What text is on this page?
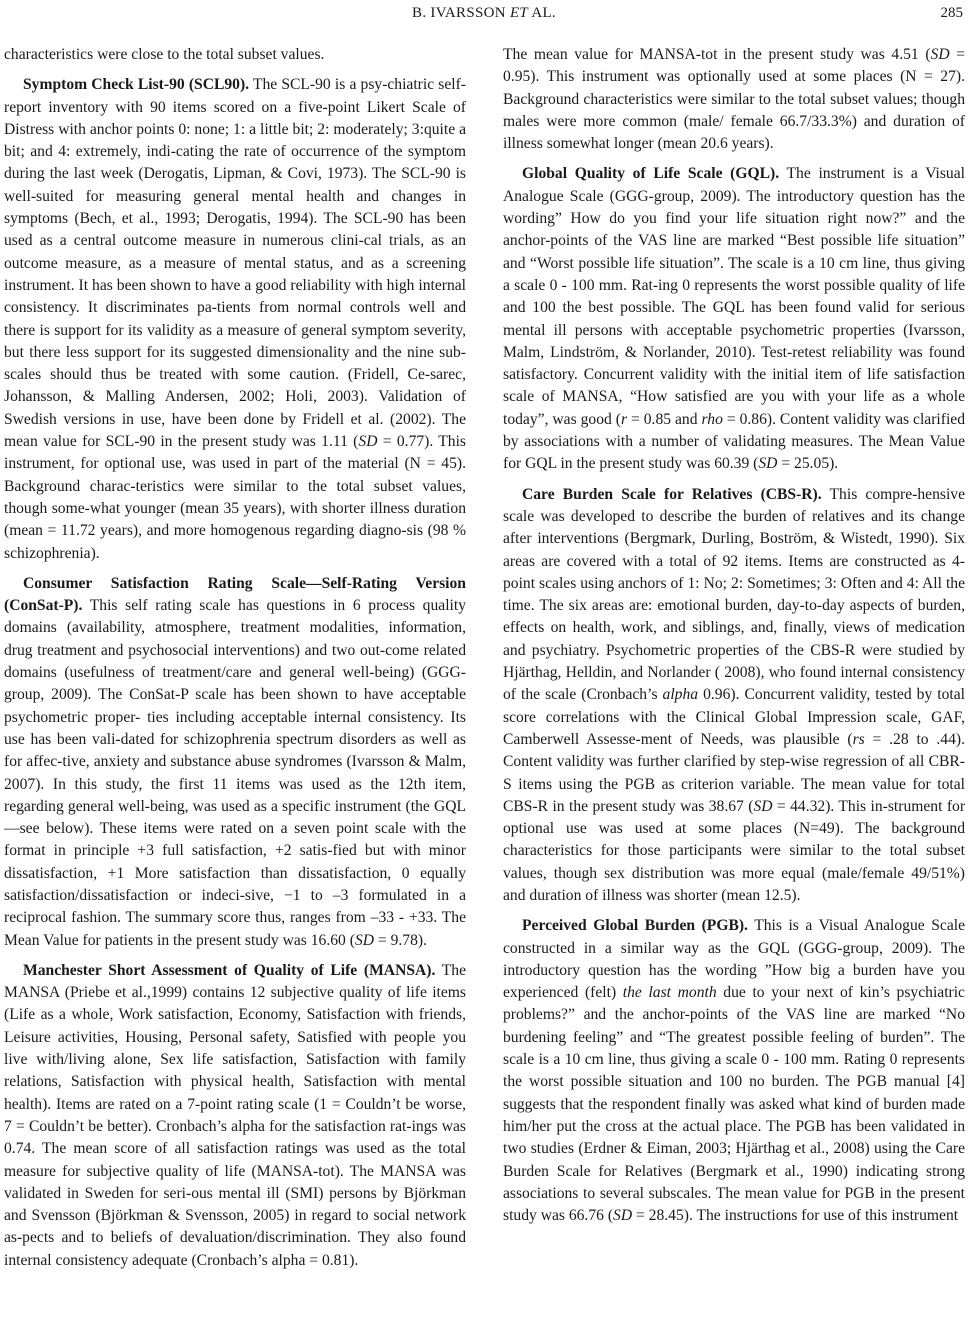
B. IVARSSON ET AL.	285

characteristics were close to the total subset values.

Symptom Check List-90 (SCL90). The SCL-90 is a psy-chiatric self-report inventory with 90 items scored on a five-point Likert Scale of Distress with anchor points 0: none; 1: a little bit; 2: moderately; 3:quite a bit; and 4: extremely, indi-cating the rate of occurrence of the symptom during the last week (Derogatis, Lipman, & Covi, 1973). The SCL-90 is well-suited for measuring general mental health and changes in symptoms (Bech, et al., 1993; Derogatis, 1994). The SCL-90 has been used as a central outcome measure in numerous clini-cal trials, as an outcome measure, as a measure of mental status, and as a screening instrument. It has been shown to have a good reliability with high internal consistency. It discriminates pa-tients from normal controls well and there is support for its validity as a measure of general symptom severity, but there less support for its suggested dimensionality and the nine sub-scales should thus be treated with some caution. (Fridell, Ce-sarec, Johansson, & Malling Andersen, 2002; Holi, 2003). Validation of Swedish versions in use, have been done by Fridell et al. (2002). The mean value for SCL-90 in the present study was 1.11 (SD = 0.77). This instrument, for optional use, was used in part of the material (N = 45). Background charac-teristics were similar to the total subset values, though some-what younger (mean 35 years), with shorter illness duration (mean = 11.72 years), and more homogenous regarding diagno-sis (98 % schizophrenia).

Consumer Satisfaction Rating Scale—Self-Rating Version (ConSat-P). This self rating scale has questions in 6 process quality domains (availability, atmosphere, treatment modalities, information, drug treatment and psychosocial interventions) and two out-come related domains (usefulness of treatment/care and general well-being) (GGG-group, 2009). The ConSat-P scale has been shown to have acceptable psychometric proper- ties including acceptable internal consistency. Its use has been vali-dated for schizophrenia spectrum disorders as well as for affec-tive, anxiety and substance abuse syndromes (Ivarsson & Malm, 2007). In this study, the first 11 items was used as the 12th item, regarding general well-being, was used as a specific instrument (the GQL—see below). These items were rated on a seven point scale with the format in principle +3 full satisfaction, +2 satis-fied but with minor dissatisfaction, +1 More satisfaction than dissatisfaction, 0 equally satisfaction/dissatisfaction or indeci-sive, −1 to –3 formulated in a reciprocal fashion. The summary score thus, ranges from –33 - +33. The Mean Value for patients in the present study was 16.60 (SD = 9.78).

Manchester Short Assessment of Quality of Life (MANSA). The MANSA (Priebe et al.,1999) contains 12 subjective quality of life items (Life as a whole, Work satisfaction, Economy, Satisfaction with friends, Leisure activities, Housing, Personal safety, Satisfied with people you live with/living alone, Sex life satisfaction, Satisfaction with family relations, Satisfaction with physical health, Satisfaction with mental health). Items are rated on a 7-point rating scale (1 = Couldn’t be worse, 7 = Couldn’t be better). Cronbach’s alpha for the satisfaction rat-ings was 0.74. The mean score of all satisfaction ratings was used as the total measure for subjective quality of life (MANSA-tot). The MANSA was validated in Sweden for seri-ous mental ill (SMI) persons by Björkman and Svensson (Björkman & Svensson, 2005) in regard to social network as-pects and to beliefs of devaluation/discrimination. They also found internal consistency adequate (Cronbach’s alpha = 0.81).

The mean value for MANSA-tot in the present study was 4.51 (SD = 0.95). This instrument was optionally used at some places (N = 27). Background characteristics were similar to the total subset values; though males were more common (male/ female 66.7/33.3%) and duration of illness somewhat longer (mean 20.6 years).

Global Quality of Life Scale (GQL). The instrument is a Visual Analogue Scale (GGG-group, 2009). The introductory question has the wording” How do you find your life situation right now?” and the anchor-points of the VAS line are marked “Best possible life situation” and “Worst possible life situation”. The scale is a 10 cm line, thus giving a scale 0 - 100 mm. Rat-ing 0 represents the worst possible quality of life and 100 the best possible. The GQL has been found valid for serious mental ill persons with acceptable psychometric properties (Ivarsson, Malm, Lindström, & Norlander, 2010). Test-retest reliability was found satisfactory. Concurrent validity with the initial item of life satisfaction scale of MANSA, “How satisfied are you with your life as a whole today”, was good (r = 0.85 and rho = 0.86). Content validity was clarified by associations with a number of validating measures. The Mean Value for GQL in the present study was 60.39 (SD = 25.05).

Care Burden Scale for Relatives (CBS-R). This compre-hensive scale was developed to describe the burden of relatives and its change after interventions (Bergmark, Durling, Boström, & Wistedt, 1990). Six areas are covered with a total of 92 items. Items are constructed as 4-point scales using anchors of 1: No; 2: Sometimes; 3: Often and 4: All the time. The six areas are: emotional burden, day-to-day aspects of burden, effects on health, work, and siblings, and, finally, views of medication and psychiatry. Psychometric properties of the CBS-R were studied by Hjärthag, Helldin, and Norlander ( 2008), who found internal consistency of the scale (Cronbach’s alpha 0.96). Concurrent validity, tested by total score correlations with the Clinical Global Impression scale, GAF, Camberwell Assesse-ment of Needs, was plausible (rs = .28 to .44). Content validity was further clarified by step-wise regression of all CBR-S items using the PGB as criterion variable. The mean value for total CBS-R in the present study was 38.67 (SD = 44.32). This in-strument for optional use was used at some places (N=49). The background characteristics for those participants were similar to the total subset values, though sex distribution was more equal (male/female 49/51%) and duration of illness was shorter (mean 12.5).

Perceived Global Burden (PGB). This is a Visual Analogue Scale constructed in a similar way as the GQL (GGG-group, 2009). The introductory question has the wording ”How big a burden have you experienced (felt) the last month due to your next of kin’s psychiatric problems?” and the anchor-points of the VAS line are marked “No burdening feeling” and “The greatest possible feeling of burden”. The scale is a 10 cm line, thus giving a scale 0 - 100 mm. Rating 0 represents the worst possible situation and 100 no burden. The PGB manual [4] suggests that the respondent finally was asked what kind of burden made him/her put the cross at the actual place. The PGB has been validated in two studies (Erdner & Eiman, 2003; Hjärthag et al., 2008) using the Care Burden Scale for Relatives (Bergmark et al., 1990) indicating strong associations to several subscales. The mean value for PGB in the present study was 66.76 (SD = 28.45). The instructions for use of this instrument
